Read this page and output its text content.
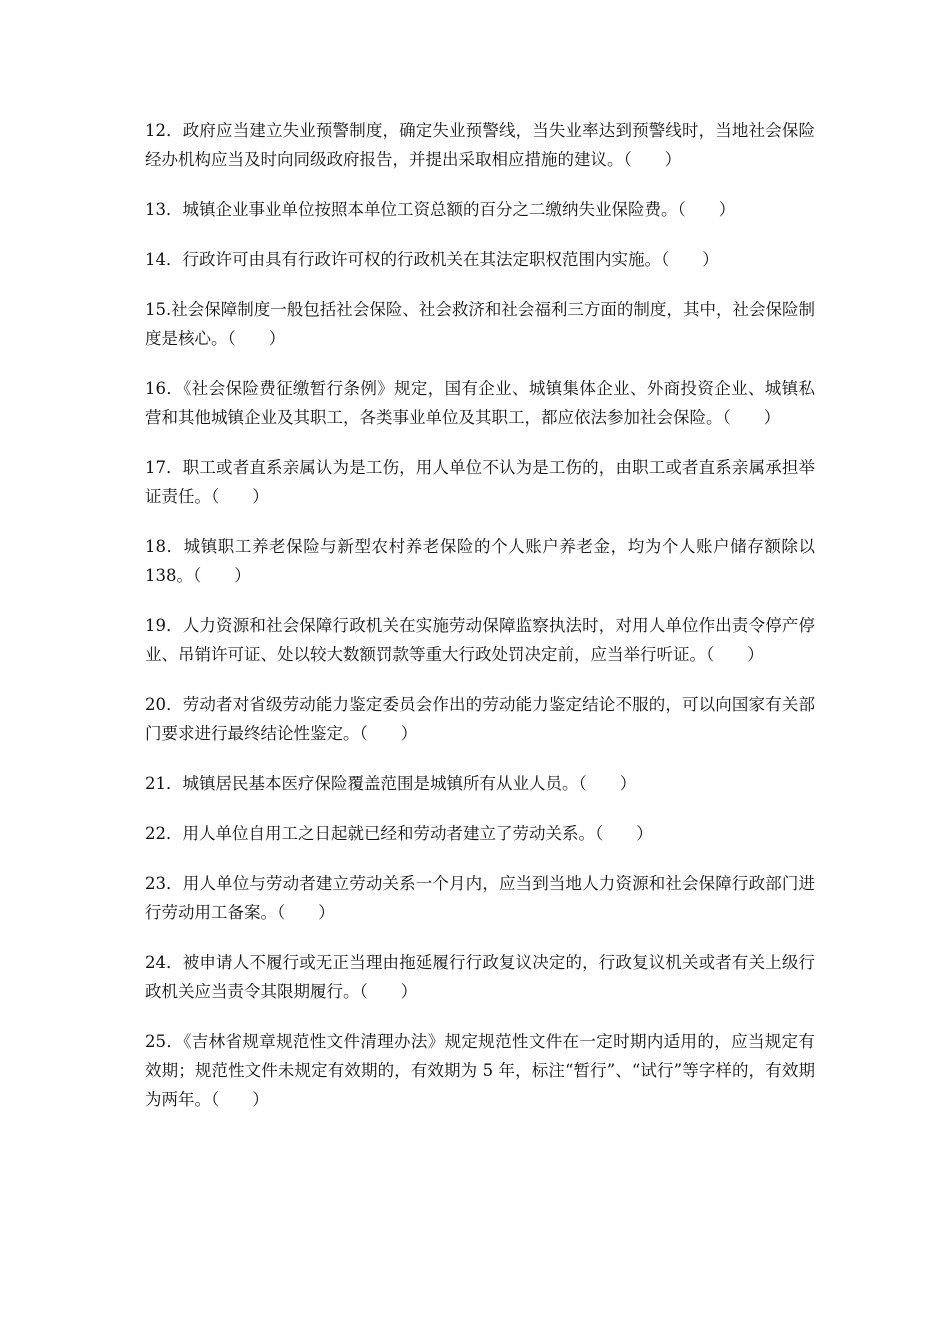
12．政府应当建立失业预警制度，确定失业预警线，当失业率达到预警线时，当地社会保险经办机构应当及时向同级政府报告，并提出采取相应措施的建议。（　　）

13．城镇企业事业单位按照本单位工资总额的百分之二缴纳失业保险费。（　　）

14．行政许可由具有行政许可权的行政机关在其法定职权范围内实施。（　　）

15.社会保障制度一般包括社会保险、社会救济和社会福利三方面的制度，其中，社会保险制度是核心。（　　）

16．《社会保险费征缴暂行条例》规定，国有企业、城镇集体企业、外商投资企业、城镇私营和其他城镇企业及其职工，各类事业单位及其职工，都应依法参加社会保险。（　　）

17．职工或者直系亲属认为是工伤，用人单位不认为是工伤的，由职工或者直系亲属承担举证责任。（　　）

18．城镇职工养老保险与新型农村养老保险的个人账户养老金，均为个人账户储存额除以138。（　　）

19．人力资源和社会保障行政机关在实施劳动保障监察执法时，对用人单位作出责令停产停业、吊销许可证、处以较大数额罚款等重大行政处罚决定前，应当举行听证。（　　）

20．劳动者对省级劳动能力鉴定委员会作出的劳动能力鉴定结论不服的，可以向国家有关部门要求进行最终结论性鉴定。（　　）

21．城镇居民基本医疗保险覆盖范围是城镇所有从业人员。（　　）

22．用人单位自用工之日起就已经和劳动者建立了劳动关系。（　　）

23．用人单位与劳动者建立劳动关系一个月内，应当到当地人力资源和社会保障行政部门进行劳动用工备案。（　　）

24．被申请人不履行或无正当理由拖延履行行政复议决定的，行政复议机关或者有关上级行政机关应当责令其限期履行。（　　）

25．《吉林省规章规范性文件清理办法》规定规范性文件在一定时期内适用的，应当规定有效期；规范性文件未规定有效期的，有效期为 5 年，标注“暂行”、“试行”等字样的，有效期为两年。（　　）
